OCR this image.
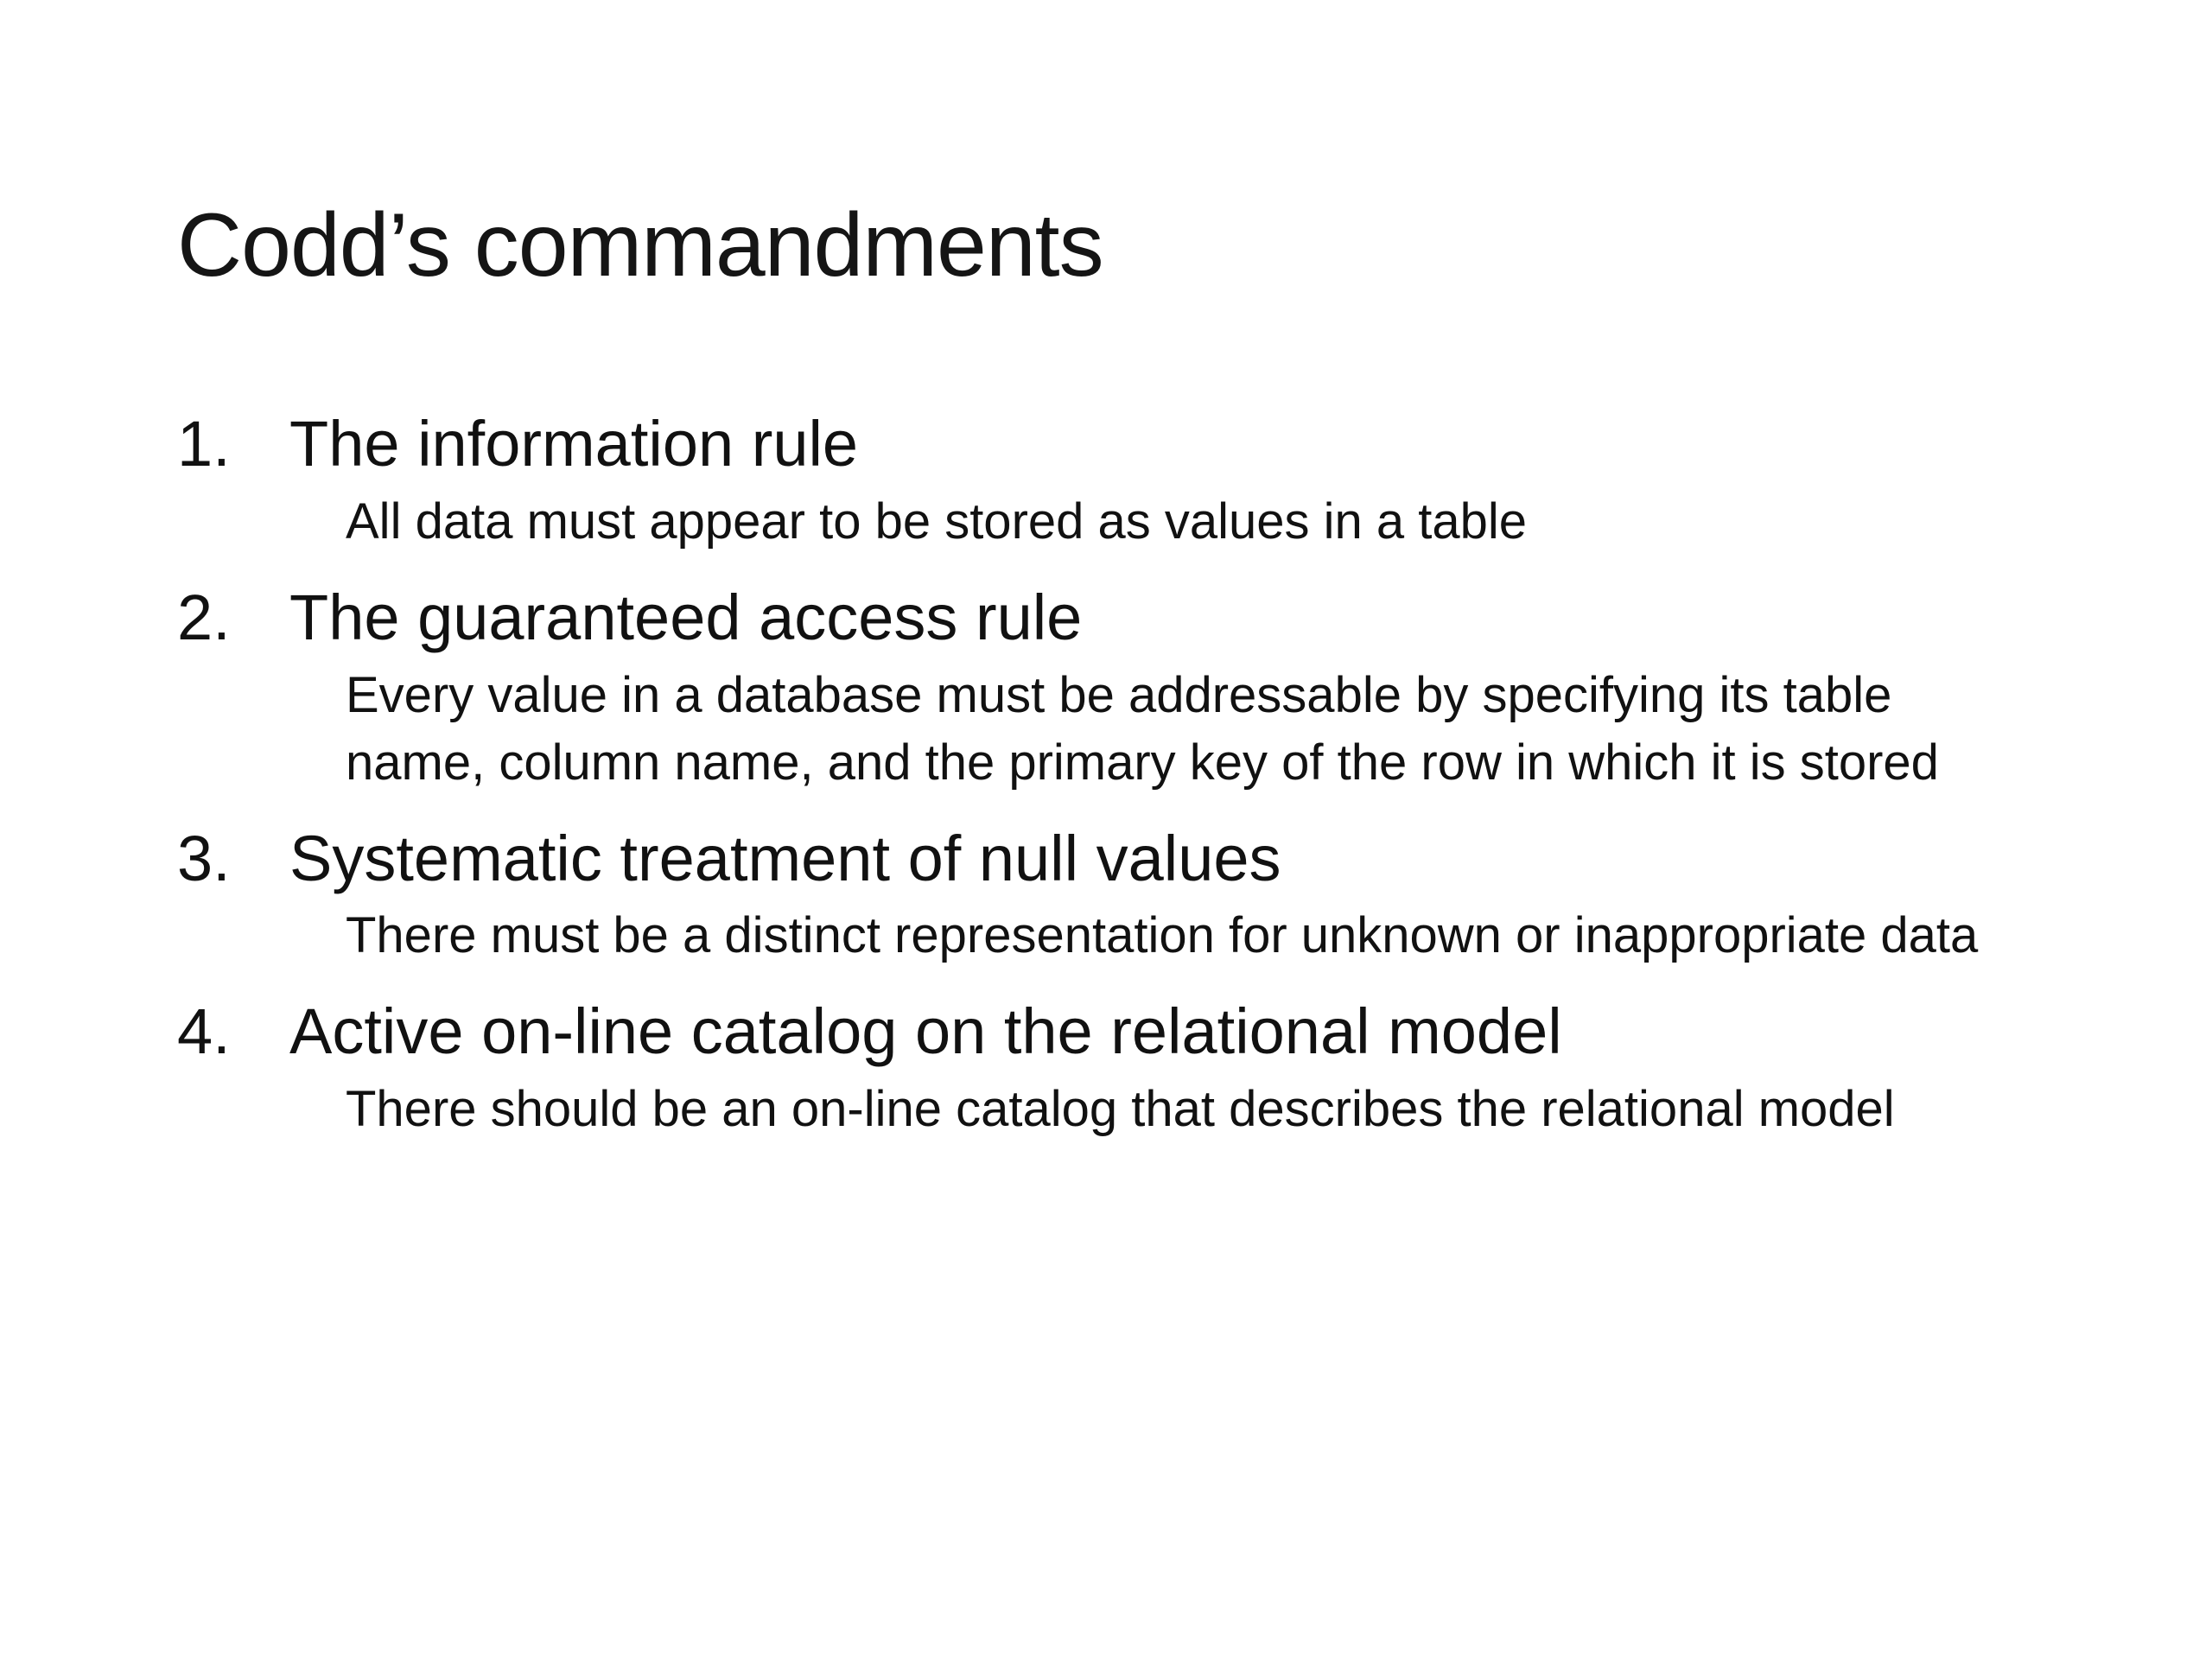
Codd’s commandments
1. The information rule
All data must appear to be stored as values in a table
2. The guaranteed access rule
Every value in a database must be addressable by specifying its table name, column name, and the primary key of the row in which it is stored
3. Systematic treatment of null values
There must be a distinct representation for unknown or inappropriate data
4. Active on-line catalog on the relational model
There should be an on-line catalog that describes the relational model
